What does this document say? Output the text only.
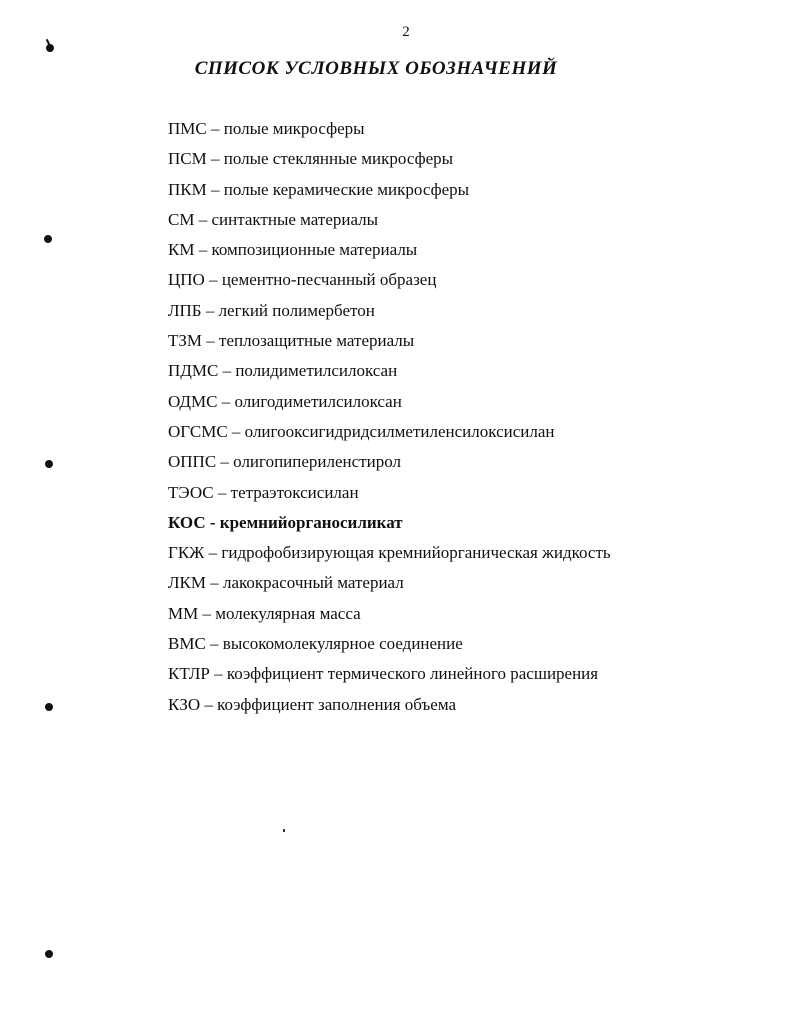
2
СПИСОК УСЛОВНЫХ ОБОЗНАЧЕНИЙ
ПМС – полые микросферы
ПСМ – полые стеклянные микросферы
ПКМ – полые керамические микросферы
СМ – синтактные материалы
КМ – композиционные материалы
ЦПО – цементно-песчанный образец
ЛПБ – легкий полимербетон
ТЗМ – теплозащитные материалы
ПДМС – полидиметилсилоксан
ОДМС – олигодиметилсилоксан
ОГСМС – олигооксигидридсилметиленсилоксисилан
ОППС – олигопипериленстирол
ТЭОС – тетраэтоксисилан
КОС - кремнийорганосиликат
ГКЖ – гидрофобизирующая кремнийорганическая жидкость
ЛКМ – лакокрасочный материал
ММ – молекулярная масса
ВМС – высокомолекулярное соединение
КТЛР – коэффициент термического линейного расширения
КЗО – коэффициент заполнения объема
